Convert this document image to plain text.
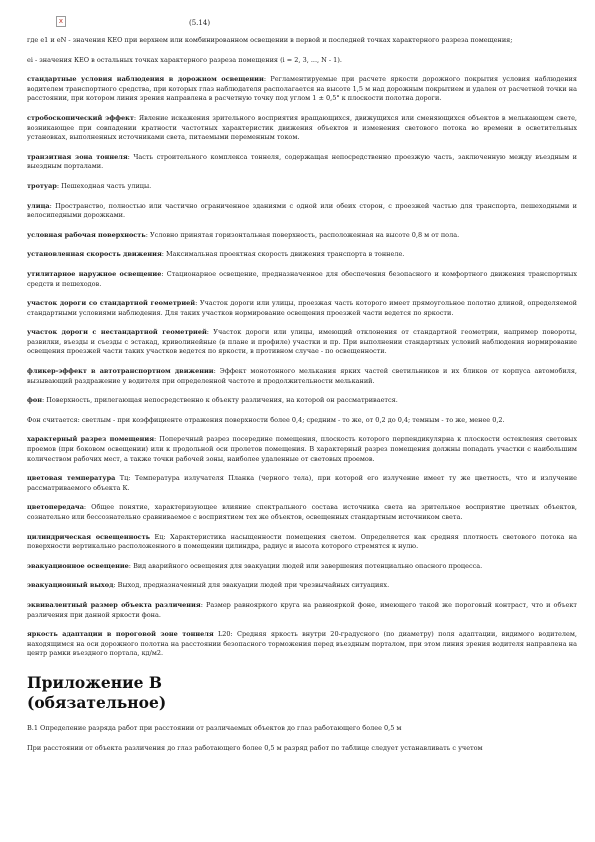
x	(5.14)

где e1 и eN - значения КЕО при верхнем или комбинированном освещении в первой и последней точках характерного разреза помещения;

ei - значения КЕО в остальных точках характерного разреза помещения (i = 2, 3, ..., N - 1).

стандартные условия наблюдения в дорожном освещении: Регламентируемые при расчете яркости дорожного покрытия условия наблюдения водителем транспортного средства, при которых глаз наблюдателя располагается на высоте 1,5 м над дорожным покрытием и удален от расчетной точки на расстоянии, при котором линия зрения направлена в расчетную точку под углом 1 ± 0,5° к плоскости полотна дороги.

стробоскопический эффект: Явление искажения зрительного восприятия вращающихся, движущихся или сменяющихся объектов в мелькающем свете, возникающее при совпадении кратности частотных характеристик движения объектов и изменения светового потока во времени в осветительных установках, выполненных источниками света, питаемыми переменным током.

транзитная зона тоннеля: Часть строительного комплекса тоннеля, содержащая непосредственно проезжую часть, заключенную между въездным и выездным порталами.

тротуар: Пешеходная часть улицы.

улица: Пространство, полностью или частично ограниченное зданиями с одной или обеих сторон, с проезжей частью для транспорта, пешеходными и велосипедными дорожками.

условная рабочая поверхность: Условно принятая горизонтальная поверхность, расположенная на высоте 0,8 м от пола.

установленная скорость движения: Максимальная проектная скорость движения транспорта в тоннеле.

утилитарное наружное освещение: Стационарное освещение, предназначенное для обеспечения безопасного и комфортного движения транспортных средств и пешеходов.

участок дороги со стандартной геометрией: Участок дороги или улицы, проезжая часть которого имеет прямоугольное полотно длиной, определяемой стандартными условиями наблюдения. Для таких участков нормирование освещения проезжей части ведется по яркости.

участок дороги с нестандартной геометрией: Участок дороги или улицы, имеющий отклонения от стандартной геометрии, например повороты, развилки, въезды и съезды с эстакад, криволинейные (в плане и профиле) участки и пр. При выполнении стандартных условий наблюдения нормирование освещения проезжей части таких участков ведется по яркости, в противном случае - по освещенности.

фликер-эффект в автотранспортном движении: Эффект монотонного мелькания ярких частей светильников и их бликов от корпуса автомобиля, вызывающий раздражение у водителя при определенной частоте и продолжительности мельканий.

фон: Поверхность, прилегающая непосредственно к объекту различения, на которой он рассматривается.

Фон считается: светлым - при коэффициенте отражения поверхности более 0,4; средним - то же, от 0,2 до 0,4; темным - то же, менее 0,2.

характерный разрез помещения: Поперечный разрез посередине помещения, плоскость которого перпендикулярна к плоскости остекления световых проемов (при боковом освещении) или к продольной оси пролетов помещения. В характерный разрез помещения должны попадать участки с наибольшим количеством рабочих мест, а также точки рабочей зоны, наиболее удаленные от световых проемов.

цветовая температура Tц: Температура излучателя Планка (черного тела), при которой его излучение имеет ту же цветность, что и излучение рассматриваемого объекта К.

цветопередача: Общее понятие, характеризующее влияние спектрального состава источника света на зрительное восприятие цветных объектов, сознательно или бессознательно сравниваемое с восприятием тех же объектов, освещенных стандартным источником света.

цилиндрическая освещенность Ец: Характеристика насыщенности помещения светом. Определяется как средняя плотность светового потока на поверхности вертикально расположенного в помещении цилиндра, радиус и высота которого стремятся к нулю.

эвакуационное освещение: Вид аварийного освещения для эвакуации людей или завершения потенциально опасного процесса.

эвакуационный выход: Выход, предназначенный для эвакуации людей при чрезвычайных ситуациях.

эквивалентный размер объекта различения: Размер равнояркого круга на равнояркой фоне, имеющего такой же пороговый контраст, что и объект различения при данной яркости фона.

яркость адаптации в пороговой зоне тоннеля L20: Средняя яркость внутри 20-градусного (по диаметру) поля адаптации, видимого водителем, находящимся на оси дорожного полотна на расстоянии безопасного торможения перед въездным порталом, при этом линия зрения водителя направлена на центр рамки въездного портала, кд/м2.

Приложение В
(обязательное)

В.1 Определение разряда работ при расстоянии от различаемых объектов до глаз работающего более 0,5 м

При расстоянии от объекта различения до глаз работающего более 0,5 м разряд работ по таблице следует устанавливать с учетом
